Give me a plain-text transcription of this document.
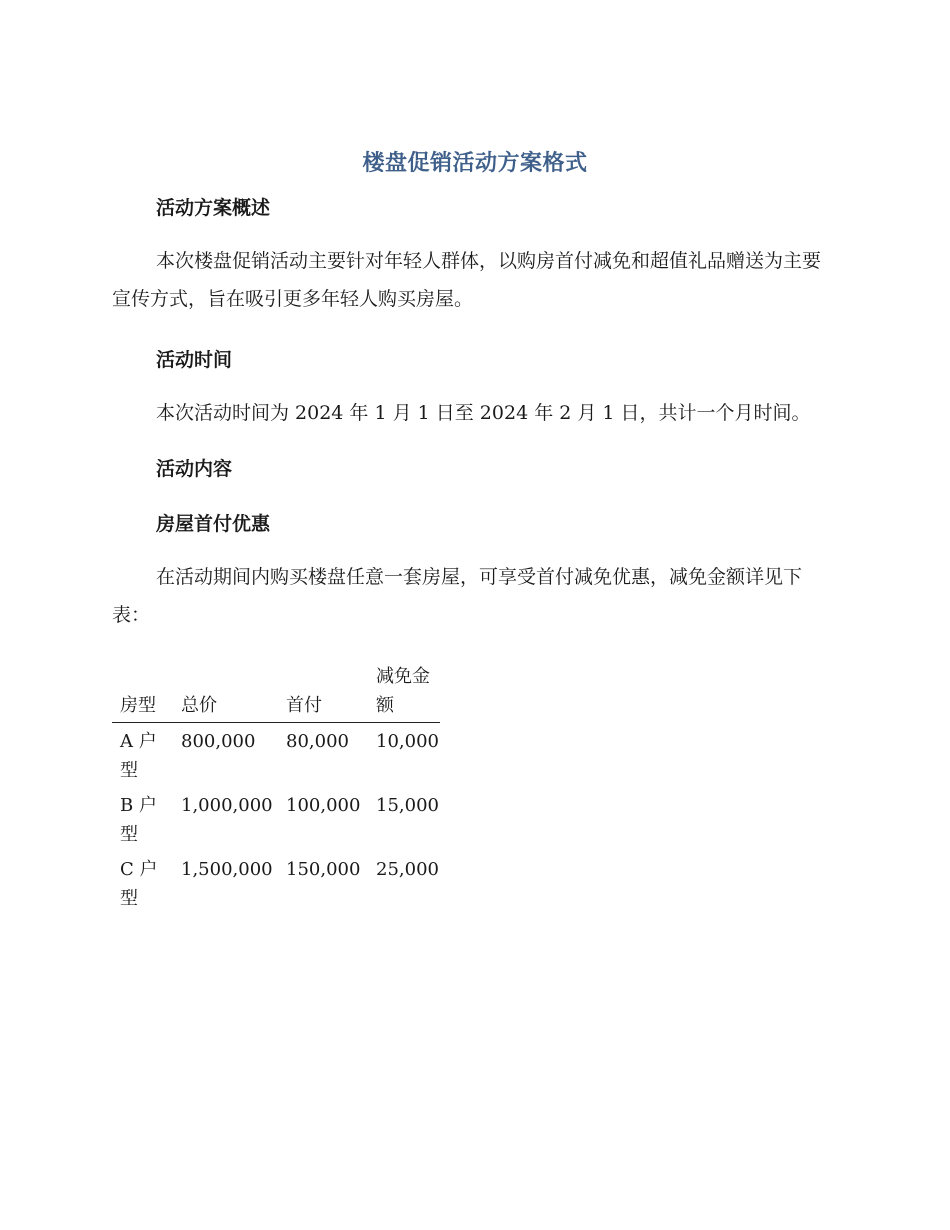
楼盘促销活动方案格式
活动方案概述
本次楼盘促销活动主要针对年轻人群体，以购房首付减免和超值礼品赠送为主要宣传方式，旨在吸引更多年轻人购买房屋。
活动时间
本次活动时间为 2024 年 1 月 1 日至 2024 年 2 月 1 日，共计一个月时间。
活动内容
房屋首付优惠
在活动期间内购买楼盘任意一套房屋，可享受首付减免优惠，减免金额详见下表：
房型	总价	首付	减免金额
A 户型	800,000	80,000	10,000
B 户型	1,000,000	100,000	15,000
C 户型	1,500,000	150,000	25,000
